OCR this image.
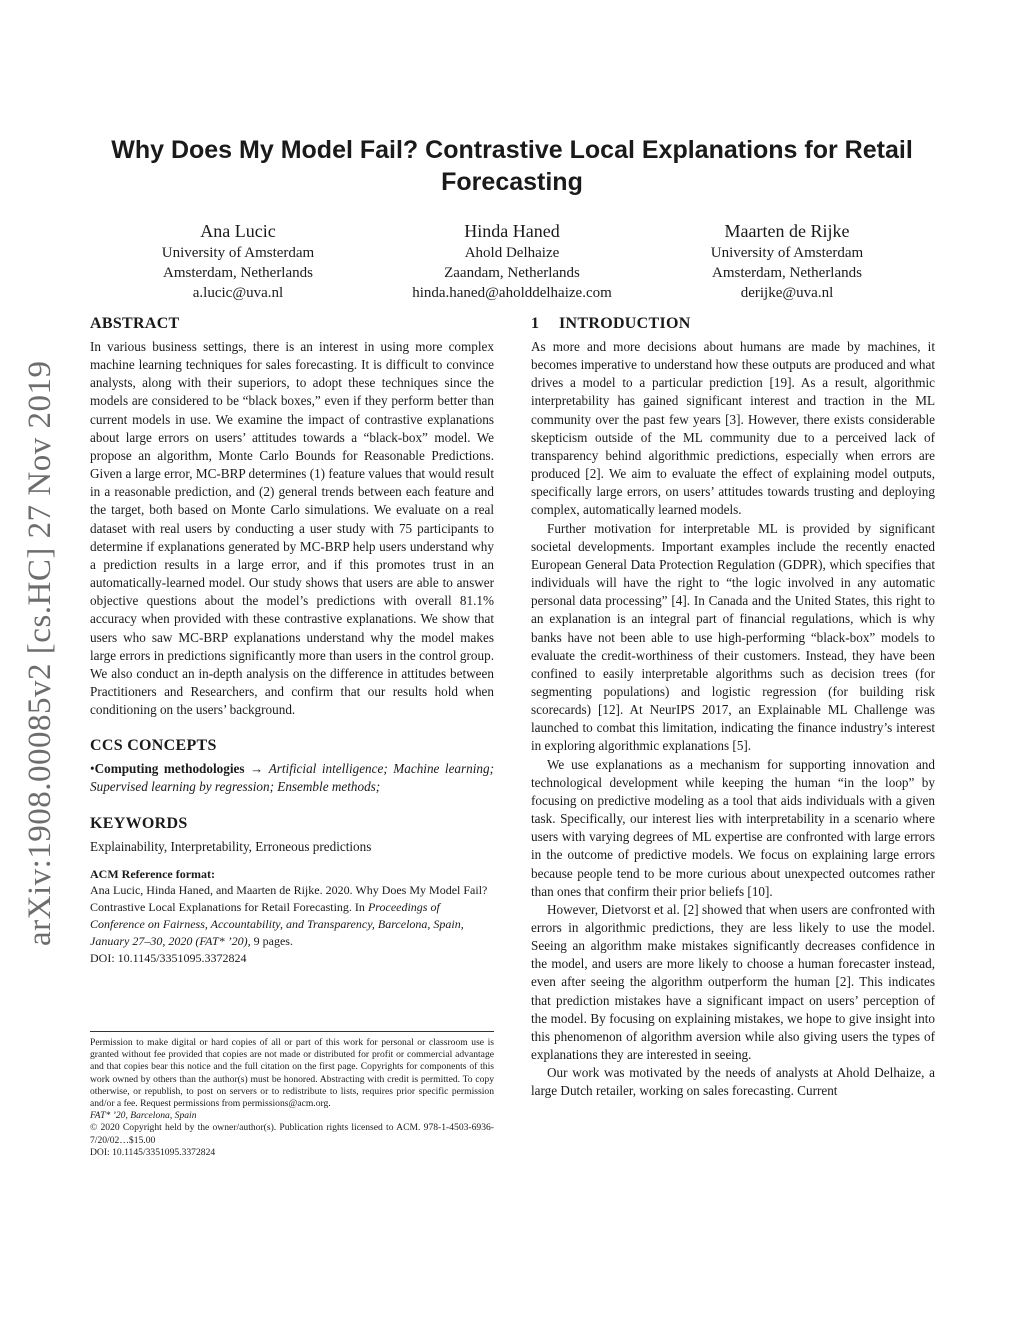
arXiv:1908.00085v2 [cs.HC] 27 Nov 2019
Why Does My Model Fail? Contrastive Local Explanations for Retail Forecasting
Ana Lucic
University of Amsterdam
Amsterdam, Netherlands
a.lucic@uva.nl
Hinda Haned
Ahold Delhaize
Zaandam, Netherlands
hinda.haned@aholddelhaize.com
Maarten de Rijke
University of Amsterdam
Amsterdam, Netherlands
derijke@uva.nl
ABSTRACT

In various business settings, there is an interest in using more complex machine learning techniques for sales forecasting. It is difficult to convince analysts, along with their superiors, to adopt these techniques since the models are considered to be “black boxes,” even if they perform better than current models in use. We examine the impact of contrastive explanations about large errors on users’ attitudes towards a “black-box” model. We propose an algorithm, Monte Carlo Bounds for Reasonable Predictions. Given a large error, MC-BRP determines (1) feature values that would result in a reasonable prediction, and (2) general trends between each feature and the target, both based on Monte Carlo simulations. We evaluate on a real dataset with real users by conducting a user study with 75 participants to determine if explanations generated by MC-BRP help users understand why a prediction results in a large error, and if this promotes trust in an automatically-learned model. Our study shows that users are able to answer objective questions about the model’s predictions with overall 81.1% accuracy when provided with these contrastive explanations. We show that users who saw MC-BRP explanations understand why the model makes large errors in predictions significantly more than users in the control group. We also conduct an in-depth analysis on the difference in attitudes between Practitioners and Researchers, and confirm that our results hold when conditioning on the users’ background.

CCS CONCEPTS

•Computing methodologies → Artificial intelligence; Machine learning; Supervised learning by regression; Ensemble methods;

KEYWORDS

Explainability, Interpretability, Erroneous predictions

ACM Reference format:

Ana Lucic, Hinda Haned, and Maarten de Rijke. 2020. Why Does My Model Fail? Contrastive Local Explanations for Retail Forecasting. In Proceedings of Conference on Fairness, Accountability, and Transparency, Barcelona, Spain, January 27–30, 2020 (FAT* ’20), 9 pages.

DOI: 10.1145/3351095.3372824
Permission to make digital or hard copies of all or part of this work for personal or classroom use is granted without fee provided that copies are not made or distributed for profit or commercial advantage and that copies bear this notice and the full citation on the first page. Copyrights for components of this work owned by others than the author(s) must be honored. Abstracting with credit is permitted. To copy otherwise, or republish, to post on servers or to redistribute to lists, requires prior specific permission and/or a fee. Request permissions from permissions@acm.org.
FAT* ’20, Barcelona, Spain
© 2020 Copyright held by the owner/author(s). Publication rights licensed to ACM. 978-1-4503-6936-7/20/02…$15.00
DOI: 10.1145/3351095.3372824
1 INTRODUCTION

As more and more decisions about humans are made by machines, it becomes imperative to understand how these outputs are produced and what drives a model to a particular prediction [19]. As a result, algorithmic interpretability has gained significant interest and traction in the ML community over the past few years [3]. However, there exists considerable skepticism outside of the ML community due to a perceived lack of transparency behind algorithmic predictions, especially when errors are produced [2]. We aim to evaluate the effect of explaining model outputs, specifically large errors, on users’ attitudes towards trusting and deploying complex, automatically learned models.

Further motivation for interpretable ML is provided by significant societal developments. Important examples include the recently enacted European General Data Protection Regulation (GDPR), which specifies that individuals will have the right to “the logic involved in any automatic personal data processing” [4]. In Canada and the United States, this right to an explanation is an integral part of financial regulations, which is why banks have not been able to use high-performing “black-box” models to evaluate the credit-worthiness of their customers. Instead, they have been confined to easily interpretable algorithms such as decision trees (for segmenting populations) and logistic regression (for building risk scorecards) [12]. At NeurIPS 2017, an Explainable ML Challenge was launched to combat this limitation, indicating the finance industry’s interest in exploring algorithmic explanations [5].

We use explanations as a mechanism for supporting innovation and technological development while keeping the human “in the loop” by focusing on predictive modeling as a tool that aids individuals with a given task. Specifically, our interest lies with interpretability in a scenario where users with varying degrees of ML expertise are confronted with large errors in the outcome of predictive models. We focus on explaining large errors because people tend to be more curious about unexpected outcomes rather than ones that confirm their prior beliefs [10].

However, Dietvorst et al. [2] showed that when users are confronted with errors in algorithmic predictions, they are less likely to use the model. Seeing an algorithm make mistakes significantly decreases confidence in the model, and users are more likely to choose a human forecaster instead, even after seeing the algorithm outperform the human [2]. This indicates that prediction mistakes have a significant impact on users’ perception of the model. By focusing on explaining mistakes, we hope to give insight into this phenomenon of algorithm aversion while also giving users the types of explanations they are interested in seeing.

Our work was motivated by the needs of analysts at Ahold Delhaize, a large Dutch retailer, working on sales forecasting. Current
